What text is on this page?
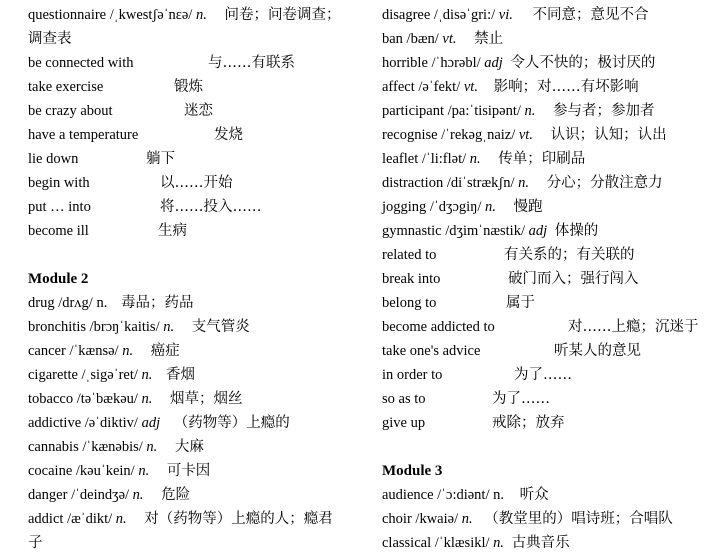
questionnaire /ˌkwestʃəˈnɛə/ n. 问卷；问卷调查；
调查表
be connected with	与……有联系
take exercise	锻炼
be crazy about	迷恋
have a temperature	发烧
lie down	躺下
begin with	以……开始
put … into	将……投入……
become ill	生病
Module 2
drug /drʌg/ n. 毒品；药品
bronchitis /brɔŋˈkaitis/ n. 支气管炎
cancer /ˈkænsə/ n. 癌症
cigarette /ˌsigəˈret/ n. 香烟
tobacco /təˈbækəu/ n. 烟草；烟丝
addictive /əˈdiktiv/ adj （药物等）上瘾的
cannabis /ˈkænəbis/ n. 大麻
cocaine /kəuˈkein/ n. 可卡因
danger /ˈdeindʒə/ n. 危险
addict /æˈdikt/ n. 对（药物等）上瘾的人；瘾君
子
disagree /ˌdisəˈgri:/ vi. 不同意；意见不合
ban /bæn/ vt. 禁止
horrible /ˈhɔrəbl/ adj 令人不快的；极讨厌的
affect /əˈfekt/ vt. 影响；对……有坏影响
participant /pa:ˈtisipənt/ n. 参与者；参加者
recognise /ˈrekəgˌnaiz/ vt. 认识；认知；认出
leaflet /ˈli:flət/ n. 传单；印刷品
distraction /diˈstrækʃn/ n. 分心；分散注意力
jogging /ˈdʒɔgiŋ/ n. 慢跑
gymnastic /dʒimˈnæstik/ adj 体操的
related to	有关系的；有关联的
break into	破门而入；强行闯入
belong to	属于
become addicted to	对……上瘾；沉迷于
take one's advice	听某人的意见
in order to	为了……
so as to	为了……
give up	戒除；放弃
Module 3
audience /ˈɔ:diənt/ n. 听众
choir /kwaiə/ n. （教堂里的）唱诗班；合唱队
classical /ˈklæsikl/ n. 古典音乐
